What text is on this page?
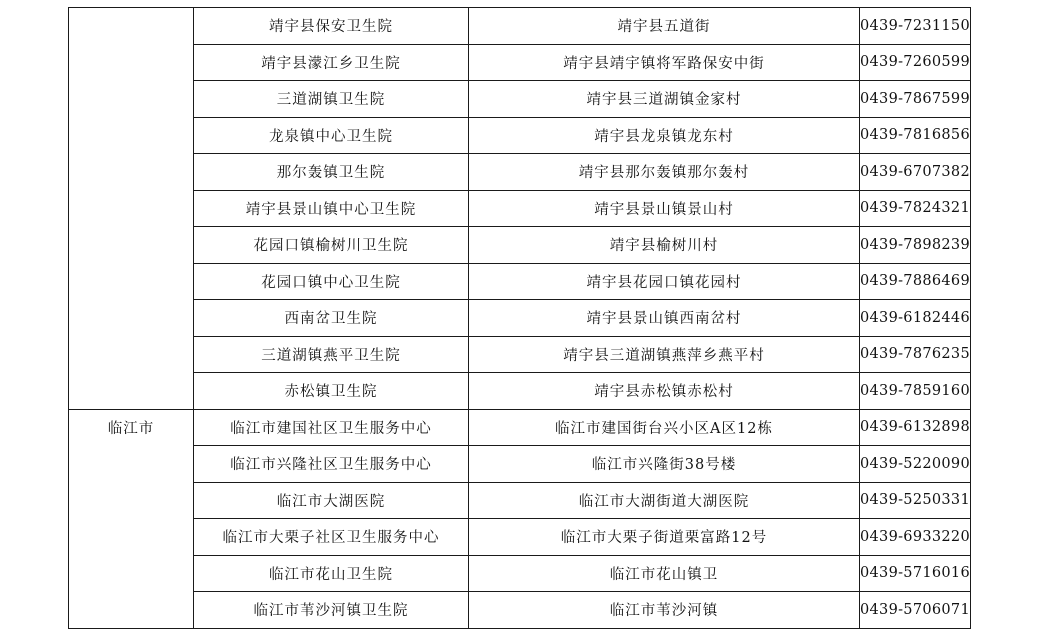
	靖宇县保安卫生院	靖宇县五道街	0439-7231150
	靖宇县濛江乡卫生院	靖宇县靖宇镇将军路保安中街	0439-7260599
	三道湖镇卫生院	靖宇县三道湖镇金家村	0439-7867599
	龙泉镇中心卫生院	靖宇县龙泉镇龙东村	0439-7816856
	那尔轰镇卫生院	靖宇县那尔轰镇那尔轰村	0439-6707382
	靖宇县景山镇中心卫生院	靖宇县景山镇景山村	0439-7824321
	花园口镇榆树川卫生院	靖宇县榆树川村	0439-7898239
	花园口镇中心卫生院	靖宇县花园口镇花园村	0439-7886469
	西南岔卫生院	靖宇县景山镇西南岔村	0439-6182446
	三道湖镇燕平卫生院	靖宇县三道湖镇燕萍乡燕平村	0439-7876235
	赤松镇卫生院	靖宇县赤松镇赤松村	0439-7859160
临江市	临江市建国社区卫生服务中心	临江市建国街台兴小区A区12栋	0439-6132898
	临江市兴隆社区卫生服务中心	临江市兴隆街38号楼	0439-5220090
	临江市大湖医院	临江市大湖街道大湖医院	0439-5250331
	临江市大栗子社区卫生服务中心	临江市大栗子街道栗富路12号	0439-6933220
	临江市花山卫生院	临江市花山镇卫	0439-5716016
	临江市苇沙河镇卫生院	临江市苇沙河镇	0439-5706071
